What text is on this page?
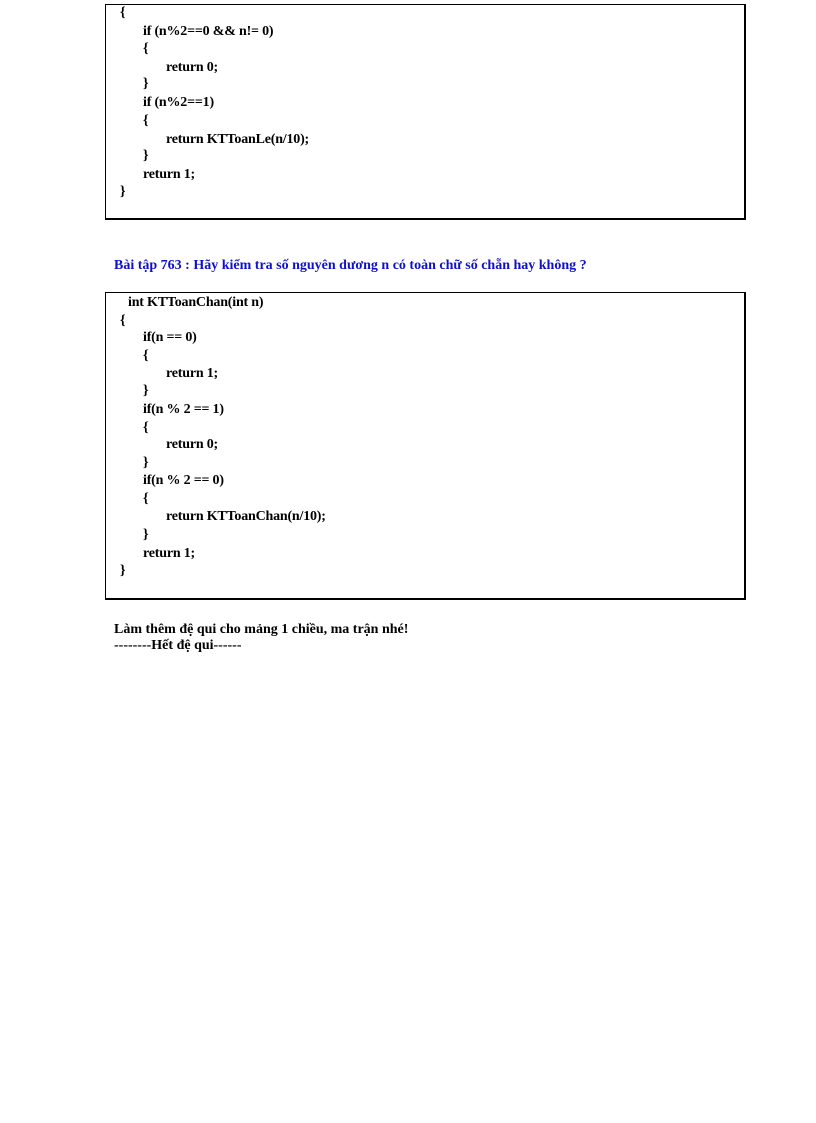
{
if (n%2==0 && n!= 0)
{
return 0;
}
if (n%2==1)
{
return KTToanLe(n/10);
}
return 1;
}
Bài tập 763 : Hãy kiểm tra số nguyên dương n có toàn chữ số chẵn hay không ?
int KTToanChan(int n)
{
if(n == 0)
{
return 1;
}
if(n % 2 == 1)
{
return 0;
}
if(n % 2 == 0)
{
return KTToanChan(n/10);
}
return 1;
}
Làm thêm đệ qui cho mảng 1 chiều, ma trận nhé!
--------Hết đệ qui------
